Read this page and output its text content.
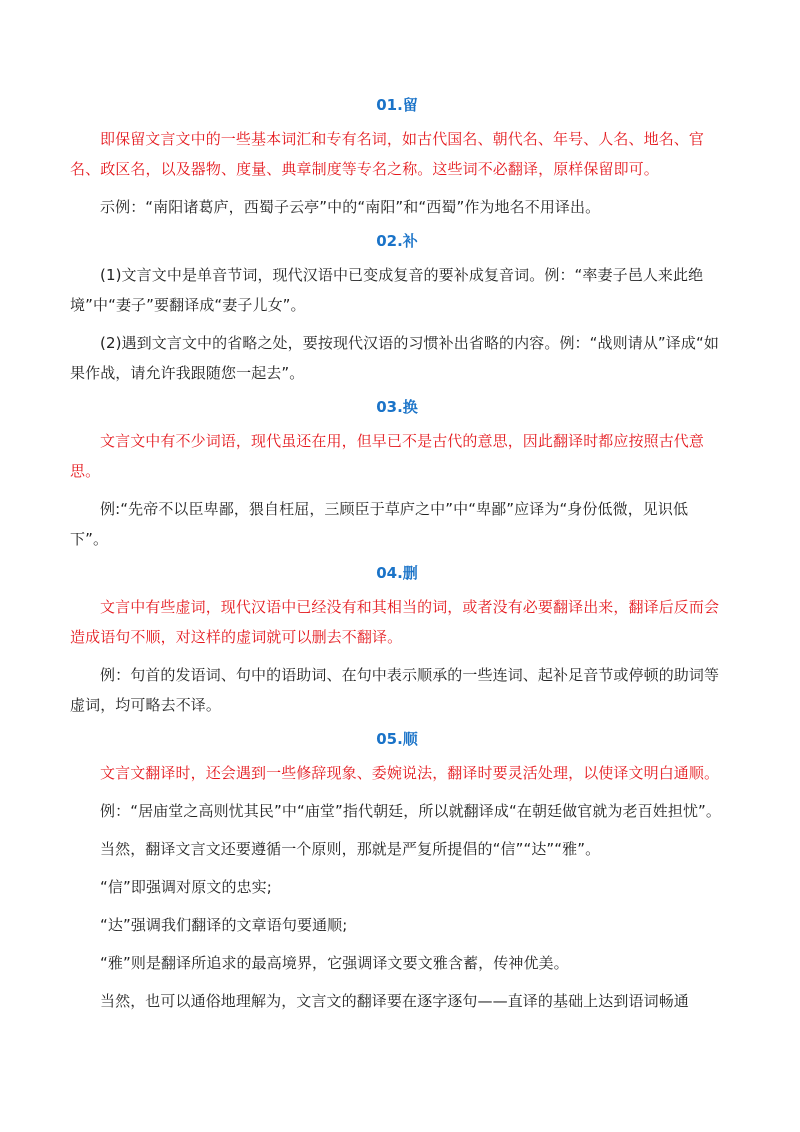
01.留

即保留文言文中的一些基本词汇和专有名词，如古代国名、朝代名、年号、人名、地名、官名、政区名，以及器物、度量、典章制度等专名之称。这些词不必翻译，原样保留即可。

示例：“南阳诸葛庐，西蜀子云亭”中的“南阳”和“西蜀”作为地名不用译出。

02.补

(1)文言文中是单音节词，现代汉语中已变成复音的要补成复音词。例：“率妻子邑人来此绝境”中“妻子”要翻译成“妻子儿女”。

(2)遇到文言文中的省略之处，要按现代汉语的习惯补出省略的内容。例：“战则请从”译成“如果作战，请允许我跟随您一起去”。

03.换

文言文中有不少词语，现代虽还在用，但早已不是古代的意思，因此翻译时都应按照古代意思。

例:“先帝不以臣卑鄙，猥自枉屈，三顾臣于草庐之中”中“卑鄙”应译为“身份低微，见识低下”。

04.删

文言中有些虚词，现代汉语中已经没有和其相当的词，或者没有必要翻译出来，翻译后反而会造成语句不顺，对这样的虚词就可以删去不翻译。

例：句首的发语词、句中的语助词、在句中表示顺承的一些连词、起补足音节或停顿的助词等虚词，均可略去不译。

05.顺

文言文翻译时，还会遇到一些修辞现象、委婉说法，翻译时要灵活处理，以使译文明白通顺。

例：“居庙堂之高则忧其民”中“庙堂”指代朝廷，所以就翻译成“在朝廷做官就为老百姓担忧”。

当然，翻译文言文还要遵循一个原则，那就是严复所提倡的“信”“达”“雅”。

“信”即强调对原文的忠实;

“达”强调我们翻译的文章语句要通顺;

“雅”则是翻译所追求的最高境界，它强调译文要文雅含蓄，传神优美。

当然，也可以通俗地理解为，文言文的翻译要在逐字逐句——直译的基础上达到语词畅通
